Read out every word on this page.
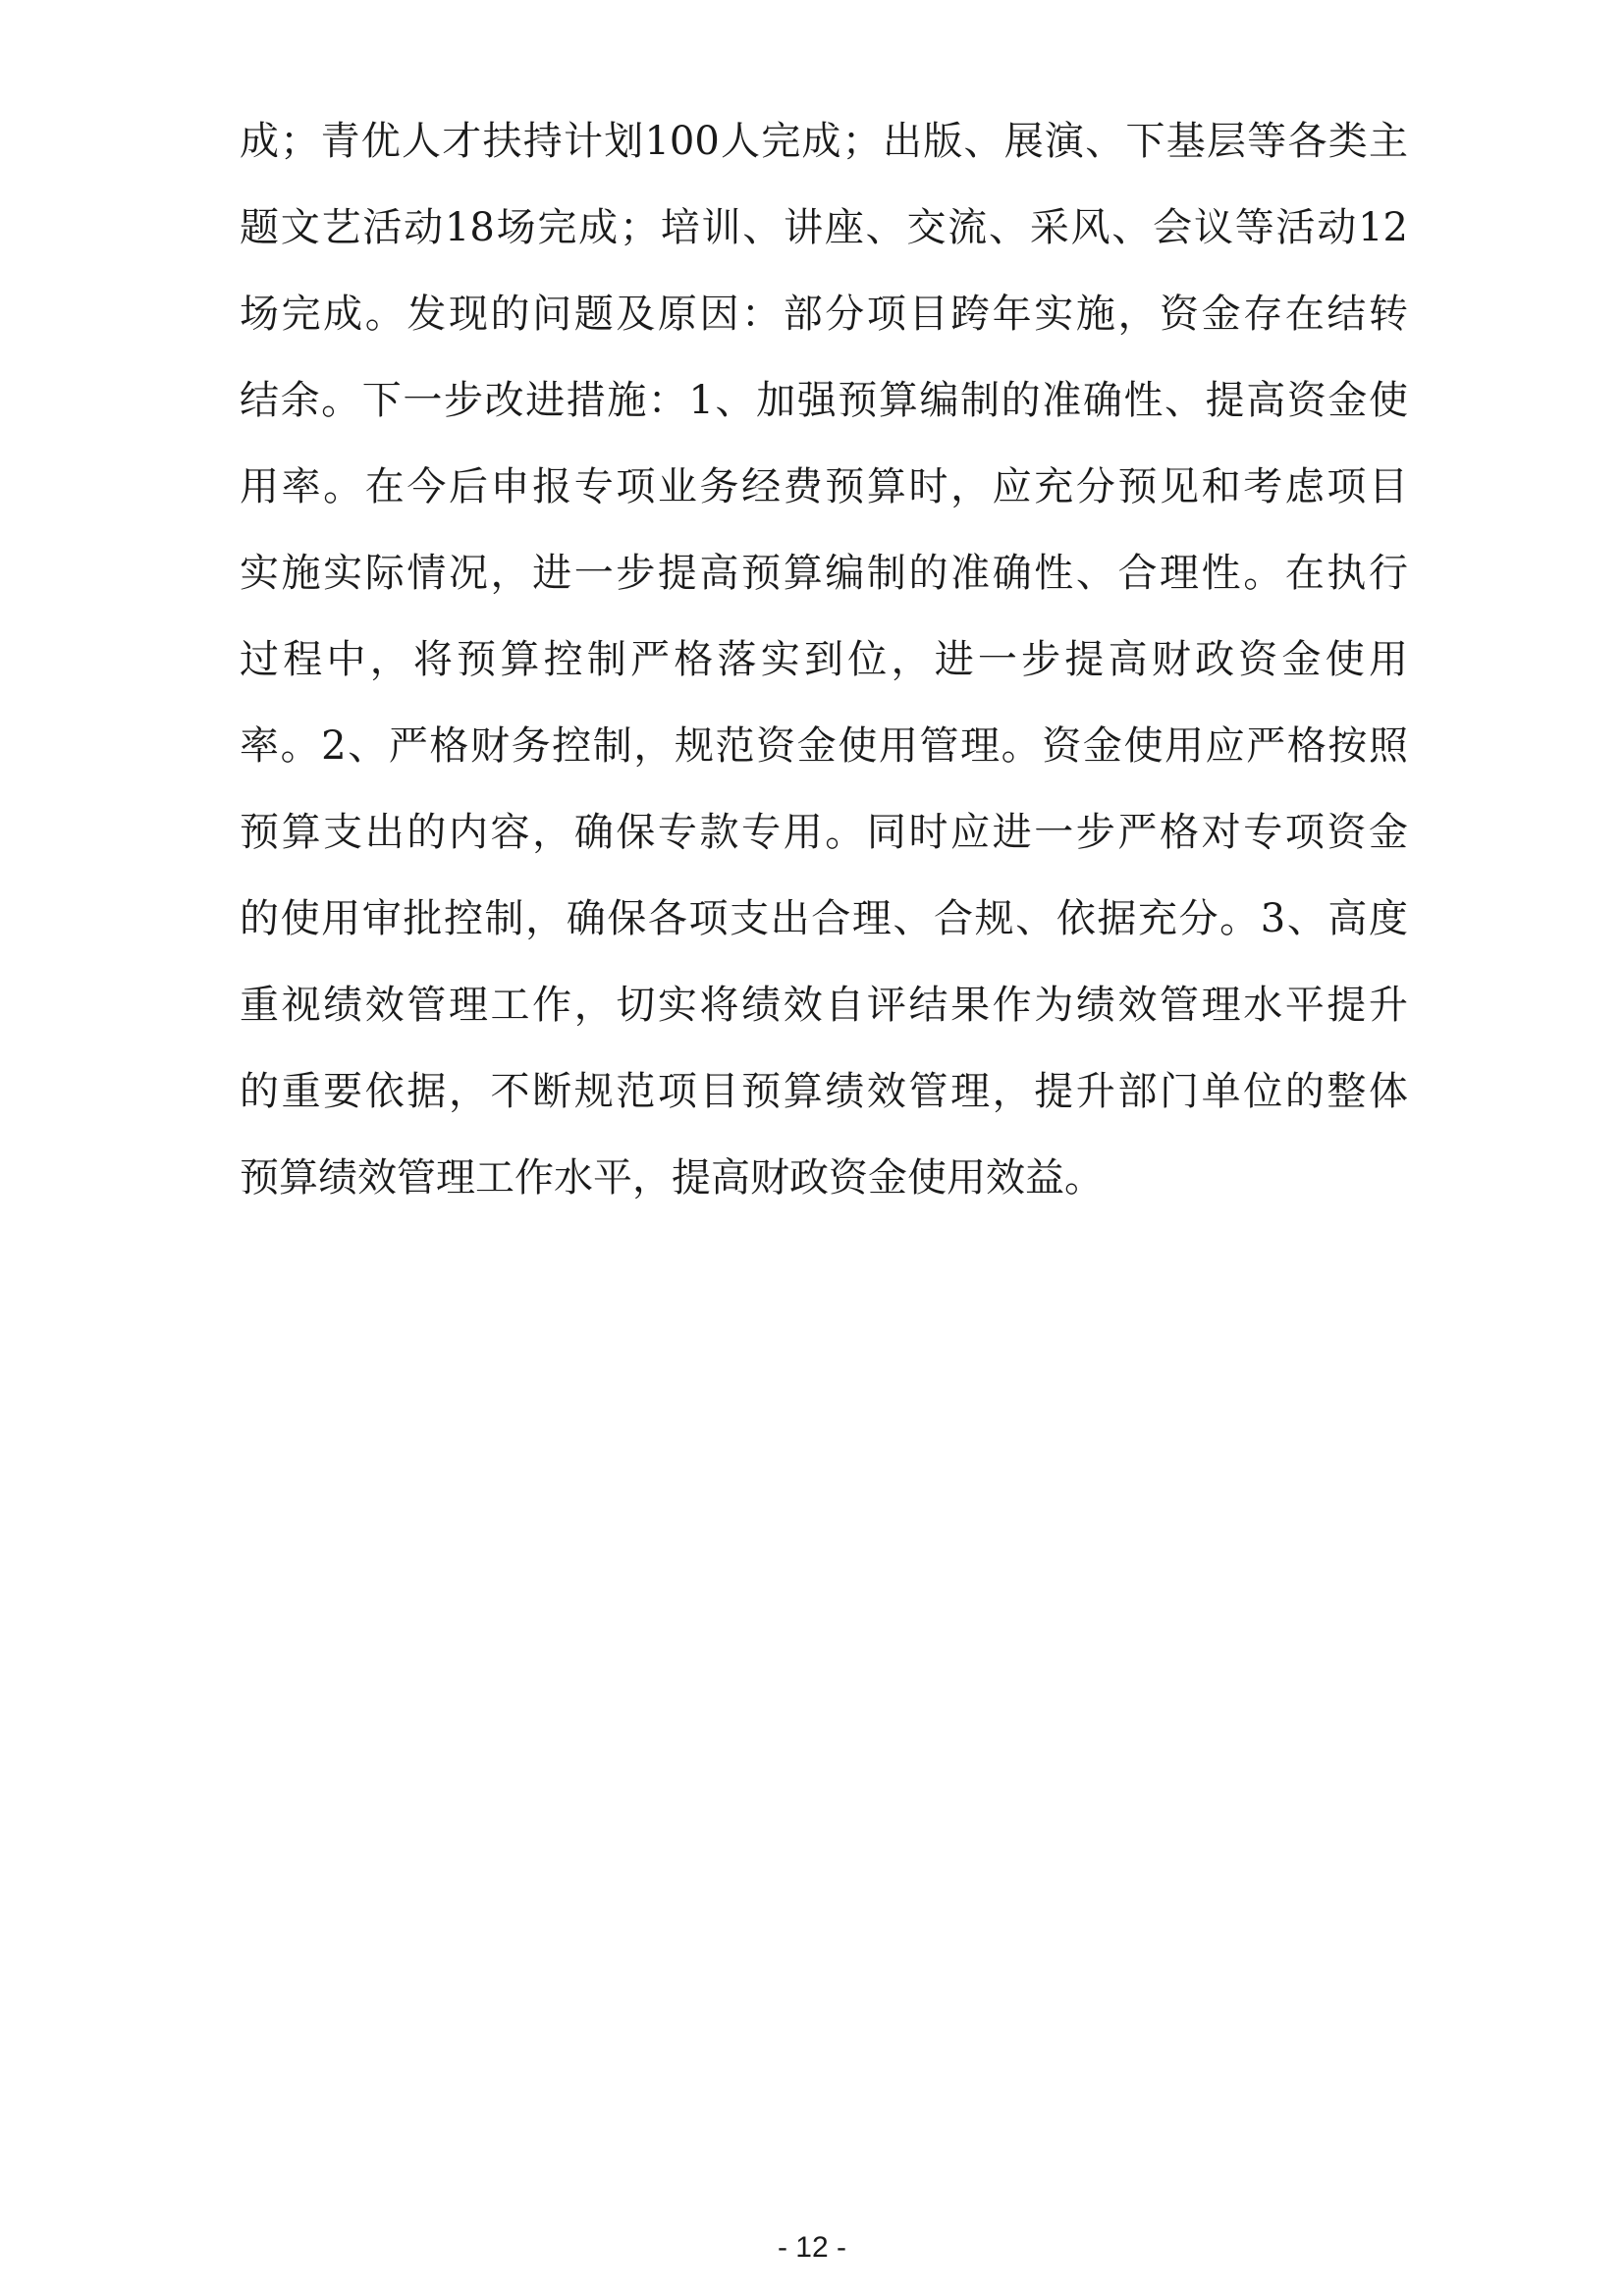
成；青优人才扶持计划100人完成；出版、展演、下基层等各类主
题文艺活动18场完成；培训、讲座、交流、采风、会议等活动12
场完成。发现的问题及原因：部分项目跨年实施，资金存在结转
结余。下一步改进措施：1、加强预算编制的准确性、提高资金使
用率。在今后申报专项业务经费预算时，应充分预见和考虑项目
实施实际情况，进一步提高预算编制的准确性、合理性。在执行
过程中，将预算控制严格落实到位，进一步提高财政资金使用
率。2、严格财务控制，规范资金使用管理。资金使用应严格按照
预算支出的内容，确保专款专用。同时应进一步严格对专项资金
的使用审批控制，确保各项支出合理、合规、依据充分。3、高度
重视绩效管理工作，切实将绩效自评结果作为绩效管理水平提升
的重要依据，不断规范项目预算绩效管理，提升部门单位的整体
预算绩效管理工作水平，提高财政资金使用效益。
- 12 -
